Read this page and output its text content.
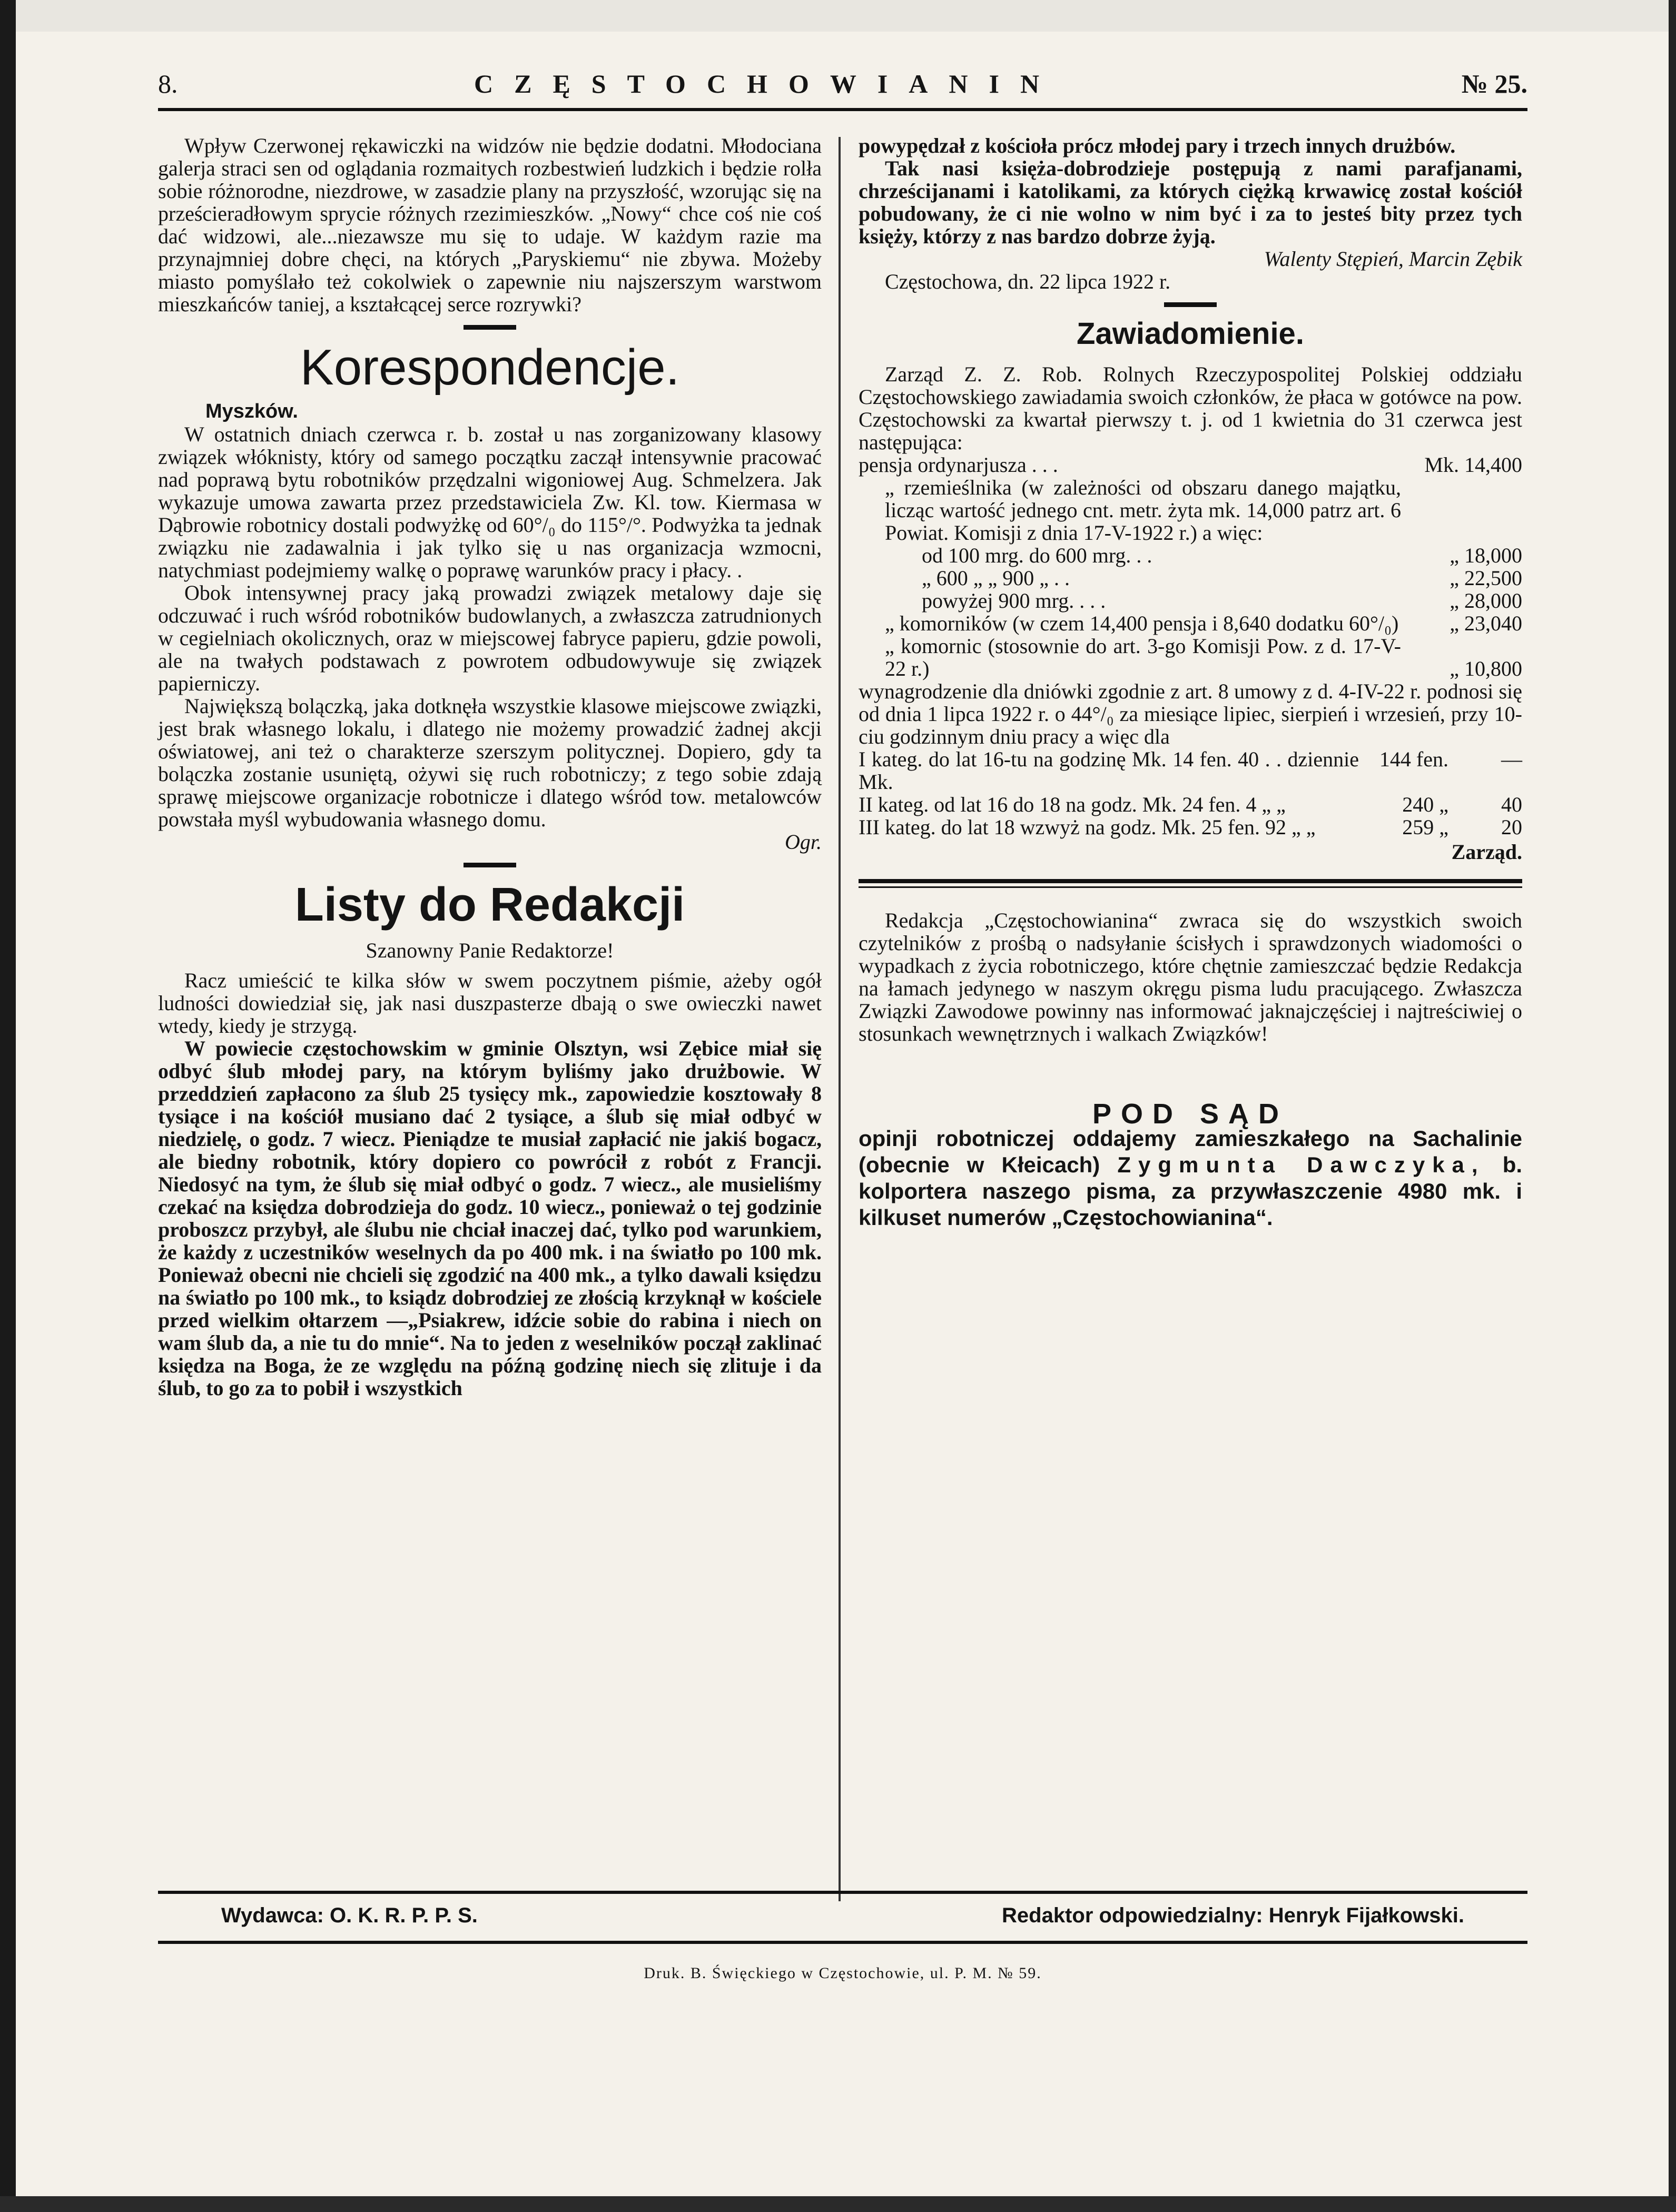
8.	CZĘSTOCHOWIANIN	№ 25.

Wpływ Czerwonej rękawiczki na widzów nie będzie dodatni. Młodociana galerja straci sen od oglądania rozmaitych rozbestwień ludzkich i będzie rolła sobie różnorodne, niezdrowe, w zasadzie plany na przyszłość, wzorując się na prześcieradłowym sprycie różnych rzezimieszków. „Nowy“ chce coś nie coś dać widzowi, ale...niezawsze mu się to udaje. W każdym razie ma przynajmniej dobre chęci, na których „Paryskiemu“ nie zbywa. Możeby miasto pomyślało też cokolwiek o zapewnie niu najszerszym warstwom mieszkańców taniej, a kształcącej serce rozrywki?

Korespondencje.
Myszków.

W ostatnich dniach czerwca r. b. został u nas zorganizowany klasowy związek włóknisty, który od samego początku zaczął intensywnie pracować nad poprawą bytu robotników przędzalni wigoniowej Aug. Schmelzera. Jak wykazuje umowa zawarta przez przedstawiciela Zw. Kl. tow. Kiermasa w Dąbrowie robotnicy dostali podwyżkę od 60°/₀ do 115°/°. Podwyżka ta jednak związku nie zadawalnia i jak tylko się u nas organizacja wzmocni, natychmiast podejmiemy walkę o poprawę warunków pracy i płacy. .

Obok intensywnej pracy jaką prowadzi związek metalowy daje się odczuwać i ruch wśród robotników budowlanych, a zwłaszcza zatrudnionych w cegielniach okolicznych, oraz w miejscowej fabryce papieru, gdzie powoli, ale na twałych podstawach z powrotem odbudowywuje się związek papierniczy.

Największą bolączką, jaka dotknęła wszystkie klasowe miejscowe związki, jest brak własnego lokalu, i dlatego nie możemy prowadzić żadnej akcji oświatowej, ani też o charakterze szerszym politycznej. Dopiero, gdy ta bolączka zostanie usuniętą, ożywi się ruch robotniczy; z tego sobie zdają sprawę miejscowe organizacje robotnicze i dlatego wśród tow. metalowców powstała myśl wybudowania własnego domu.

Ogr.
Listy do Redakcji
Szanowny Panie Redaktorze!

Racz umieścić te kilka słów w swem poczytnem piśmie, ażeby ogół ludności dowiedział się, jak nasi duszpasterze dbają o swe owieczki nawet wtedy, kiedy je strzygą.

W powiecie częstochowskim w gminie Olsztyn, wsi Zębice miał się odbyć ślub młodej pary, na którym byliśmy jako drużbowie. W przeddzień zapłacono za ślub 25 tysięcy mk., zapowiedzie kosztowały 8 tysiące i na kościół musiano dać 2 tysiące, a ślub się miał odbyć w niedzielę, o godz. 7 wiecz. Pieniądze te musiał zapłacić nie jakiś bogacz, ale biedny robotnik, który dopiero co powrócił z robót z Francji. Niedosyć na tym, że ślub się miał odbyć o godz. 7 wiecz., ale musieliśmy czekać na księdza dobrodzieja do godz. 10 wiecz., ponieważ o tej godzinie proboszcz przybył, ale ślubu nie chciał inaczej dać, tylko pod warunkiem, że każdy z uczestników weselnych da po 400 mk. i na światło po 100 mk. Ponieważ obecni nie chcieli się zgodzić na 400 mk., a tylko dawali księdzu na światło po 100 mk., to ksiądz dobrodziej ze złością krzyknął w kościele przed wielkim ołtarzem —„Psiakrew, idźcie sobie do rabina i niech on wam ślub da, a nie tu do mnie“. Na to jeden z weselników począł zaklinać księdza na Boga, że ze względu na późną godzinę niech się zlituje i da ślub, to go za to pobił i wszystkich

powypędzał z kościoła prócz młodej pary i trzech innych drużbów.

Tak nasi księża-dobrodzieje postępują z nami parafjanami, chrześcijanami i katolikami, za których ciężką krwawicę został kościół pobudowany, że ci nie wolno w nim być i za to jesteś bity przez tych księży, którzy z nas bardzo dobrze żyją.

Walenty Stępień, Marcin Zębik

Częstochowa, dn. 22 lipca 1922 r.

Zawiadomienie.

Zarząd Z. Z. Rob. Rolnych Rzeczypospolitej Polskiej oddziału Częstochowskiego zawiadamia swoich członków, że płaca w gotówce na pow. Częstochowski za kwartał pierwszy t. j. od 1 kwietnia do 31 czerwca jest następująca:

pensja ordynarjusza . . .	Mk. 14,400
„ rzemieślnika (w zależności od obszaru danego majątku, licząc wartość jednego cnt. metr. żyta mk. 14,000 patrz art. 6 Powiat. Komisji z dnia 17-V-1922 r.) a więc:	
od 100 mrg. do 600 mrg. . .	„ 18,000
„ 600 „ „ 900 „ . .	„ 22,500
powyżej 900 mrg. . . .	„ 28,000
„ komorników (w czem 14,400 pensja i 8,640 dodatku 60°/₀)	„ 23,040
„ komornic (stosownie do art. 3-go Komisji Pow. z d. 17-V-22 r.)	„ 10,800

wynagrodzenie dla dniówki zgodnie z art. 8 umowy z d. 4-IV-22 r. podnosi się od dnia 1 lipca 1922 r. o 44°/₀ za miesiące lipiec, sierpień i wrzesień, przy 10-ciu godzinnym dniu pracy a więc dla

I kateg. do lat 16-tu na godzinę Mk. 14 fen. 40 . . dziennie Mk.
144 fen.	—
II kateg. od lat 16 do 18 na godz. Mk. 24 fen. 4 „ „	240 „	40
III kateg. do lat 18 wzwyż na godz. Mk. 25 fen. 92 „ „	259 „	20
Zarząd.

Redakcja „Częstochowianina“ zwraca się do wszystkich swoich czytelników z prośbą o nadsyłanie ścisłych i sprawdzonych wiadomości o wypadkach z życia robotniczego, które chętnie zamieszczać będzie Redakcja na łamach jedynego w naszym okręgu pisma ludu pracującego. Zwłaszcza Związki Zawodowe powinny nas informować jaknajczęściej i najtreściwiej o stosunkach wewnętrznych i walkach Związków!

POD SĄD
opinji robotniczej oddajemy zamieszkałego na Sachalinie (obecnie w Kłeicach) Zygmunta Dawczyka, b. kolportera naszego pisma, za przywłaszczenie 4980 mk. i kilkuset numerów „Częstochowianina“.
Wydawca: O. K. R. P. P. S.	Redaktor odpowiedzialny: Henryk Fijałkowski.
Druk. B. Święckiego w Częstochowie, ul. P. M. № 59.
